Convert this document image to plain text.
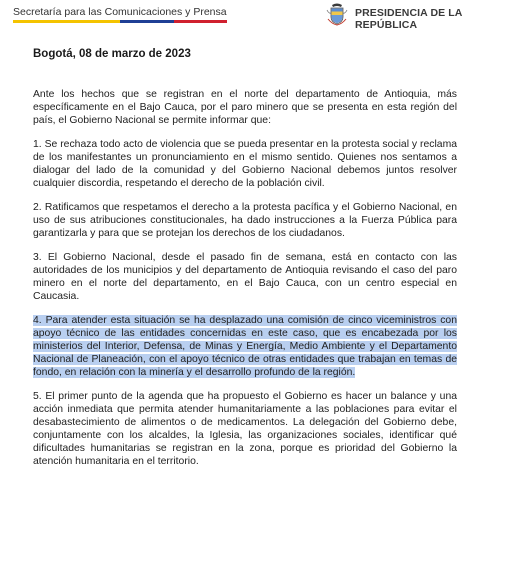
Secretaría para las Comunicaciones y Prensa	PRESIDENCIA DE LA REPÚBLICA

Bogotá, 08 de marzo de 2023

Ante los hechos que se registran en el norte del departamento de Antioquia, más específicamente en el Bajo Cauca, por el paro minero que se presenta en esta región del país, el Gobierno Nacional se permite informar que:

1. Se rechaza todo acto de violencia que se pueda presentar en la protesta social y reclama de los manifestantes un pronunciamiento en el mismo sentido. Quienes nos sentamos a dialogar del lado de la comunidad y del Gobierno Nacional debemos juntos resolver cualquier discordia, respetando el derecho de la población civil.

2. Ratificamos que respetamos el derecho a la protesta pacífica y el Gobierno Nacional, en uso de sus atribuciones constitucionales, ha dado instrucciones a la Fuerza Pública para garantizarla y para que se protejan los derechos de los ciudadanos.

3. El Gobierno Nacional, desde el pasado fin de semana, está en contacto con las autoridades de los municipios y del departamento de Antioquia revisando el caso del paro minero en el norte del departamento, en el Bajo Cauca, con un centro especial en Caucasia.

4. Para atender esta situación se ha desplazado una comisión de cinco viceministros con apoyo técnico de las entidades concernidas en este caso, que es encabezada por los ministerios del Interior, Defensa, de Minas y Energía, Medio Ambiente y el Departamento Nacional de Planeación, con el apoyo técnico de otras entidades que trabajan en temas de fondo, en relación con la minería y el desarrollo profundo de la región.

5. El primer punto de la agenda que ha propuesto el Gobierno es hacer un balance y una acción inmediata que permita atender humanitariamente a las poblaciones para evitar el desabastecimiento de alimentos o de medicamentos. La delegación del Gobierno debe, conjuntamente con los alcaldes, la Iglesia, las organizaciones sociales, identificar qué dificultades humanitarias se registran en la zona, porque es prioridad del Gobierno la atención humanitaria en el territorio.
